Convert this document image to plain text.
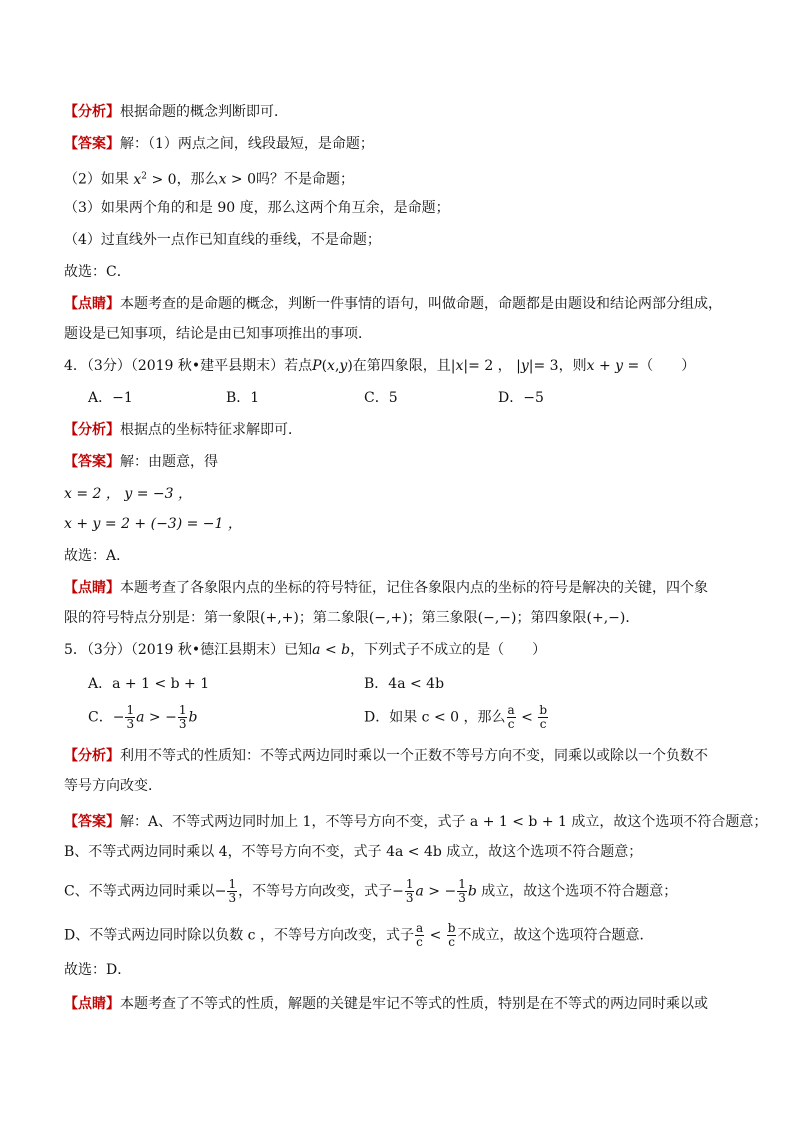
【分析】根据命题的概念判断即可．
【答案】解：（1）两点之间，线段最短，是命题；
（2）如果 $x^2 > 0$，那么x > 0吗？不是命题；
（3）如果两个角的和是 90 度，那么这两个角互余，是命题；
（4）过直线外一点作已知直线的垂线，不是命题；
故选：C．
【点睛】本题考查的是命题的概念，判断一件事情的语句，叫做命题，命题都是由题设和结论两部分组成，
题设是已知事项，结论是由已知事项推出的事项．
4．（3分）（2019 秋•建平县期末）若点P(x,y)在第四象限，且|x|= 2 ， |y|= 3，则x + y =（　　）
A．−1	B．1	C．5	D．−5
【分析】根据点的坐标特征求解即可．
【答案】解：由题意，得
x = 2 ， y = −3 ，
x + y = 2 + (−3) = −1 ，
故选：A．
【点睛】本题考查了各象限内点的坐标的符号特征，记住各象限内点的坐标的符号是解决的关键，四个象
限的符号特点分别是：第一象限(+,+)；第二象限(−,+)；第三象限(−,−)；第四象限(+,−)．
5．（3分）（2019 秋•德江县期末）已知a < b，下列式子不成立的是（　　）
A．a + 1 < b + 1	B．4a < 4b
C．− $\frac{1}{3}$ a > − $\frac{1}{3}$ b	D．如果 c < 0 ，那么 $\frac{a}{c} < \frac{b}{c}$
【分析】利用不等式的性质知：不等式两边同时乘以一个正数不等号方向不变，同乘以或除以一个负数不
等号方向改变．
【答案】解：A、不等式两边同时加上 1，不等号方向不变，式子 a + 1 < b + 1 成立，故这个选项不符合题意；
B、不等式两边同时乘以 4，不等号方向不变，式子 4a < 4b 成立，故这个选项不符合题意；
C、不等式两边同时乘以− $\frac{1}{3}$ ，不等号方向改变，式子− $\frac{1}{3}$ a > − $\frac{1}{3}$ b 成立，故这个选项不符合题意；
D、不等式两边同时除以负数 c ，不等号方向改变，式子 $\frac{a}{c} < \frac{b}{c}$ 不成立，故这个选项符合题意．
故选：D．
【点睛】本题考查了不等式的性质，解题的关键是牢记不等式的性质，特别是在不等式的两边同时乘以或
